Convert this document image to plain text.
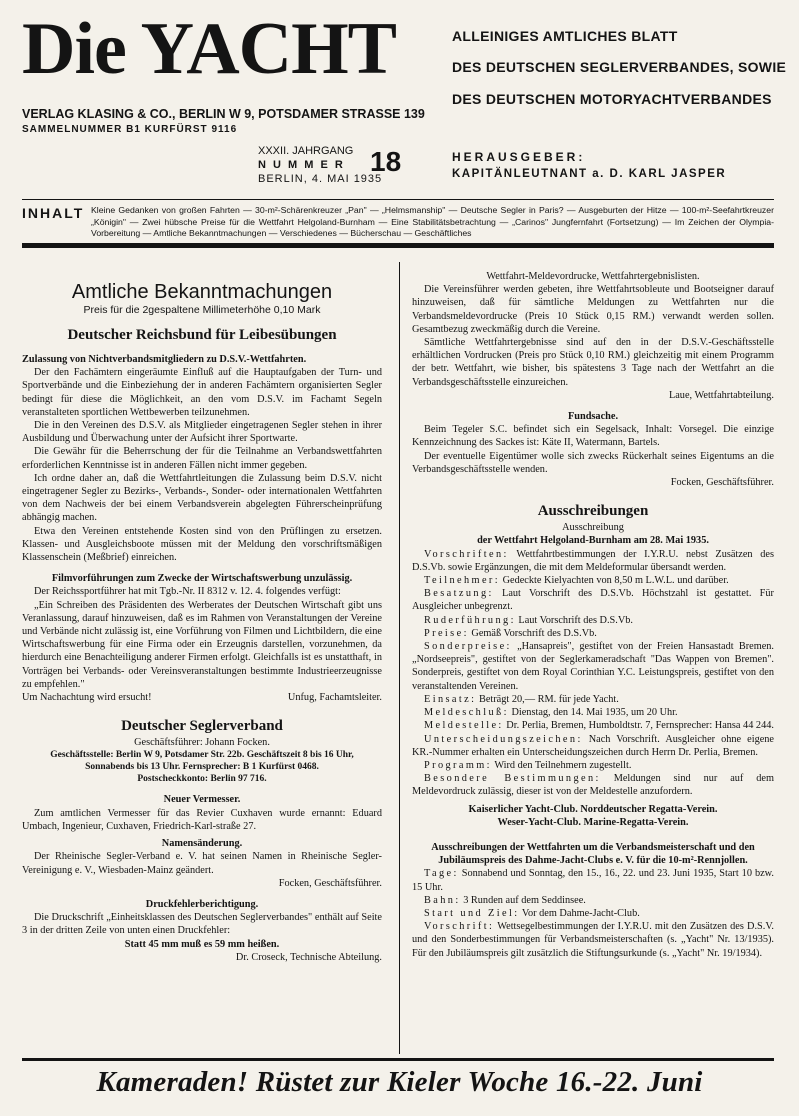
Die YACHT
VERLAG KLASING & CO., BERLIN W 9, POTSDAMER STRASSE 139
SAMMELNUMMER B1 KURFÜRST 9116
ALLEINIGES AMTLICHES BLATT
DES DEUTSCHEN SEGLERVERBANDES, SOWIE
DES DEUTSCHEN MOTORYACHTVERBANDES
XXXII. JAHRGANG
N U M M E R
BERLIN, 4. MAI 1935
18	HERAUSGEBER:
KAPITÄNLEUTNANT a. D. KARL JASPER
INHALT Kleine Gedanken von großen Fahrten — 30-m²-Schärenkreuzer „Pan" — „Helmsmanship" — Deutsche Segler in Paris? — Ausgeburten der Hitze — 100-m²-Seefahrtkreuzer „Königin" — Zwei hübsche Preise für die Wettfahrt Helgoland-Burnham — Eine Stabilitätsbetrachtung — „Carinos" Jungfernfahrt (Fortsetzung) — Im Zeichen der Olympia-Vorbereitung — Amtliche Bekanntmachungen — Verschiedenes — Bücherschau — Geschäftliches
Amtliche Bekanntmachungen
Preis für die 2gespaltene Millimeterhöhe 0,10 Mark
Deutscher Reichsbund für Leibesübungen
Zulassung von Nichtverbandsmitgliedern zu D.S.V.-Wettfahrten.

Der den Fachämtern eingeräumte Einfluß auf die Hauptaufgaben der Turn- und Sportverbände und die Einbeziehung der in anderen Fachämtern organisierten Segler bedingt für diese die Möglichkeit, an den vom D.S.V. im Fachamt Segeln veranstalteten sportlichen Wettbewerben teilzunehmen.

Die in den Vereinen des D.S.V. als Mitglieder eingetragenen Segler stehen in ihrer Ausbildung und Überwachung unter der Aufsicht ihrer Sportwarte.

Die Gewähr für die Beherrschung der für die Teilnahme an Verbandswettfahrten erforderlichen Kenntnisse ist in anderen Fällen nicht immer gegeben.

Ich ordne daher an, daß die Wettfahrtleitungen die Zulassung beim D.S.V. nicht eingetragener Segler zu Bezirks-, Verbands-, Sonder- oder internationalen Wettfahrten von dem Nachweis der bei einem Verbandsverein abgelegten Führerscheinprüfung abhängig machen.

Etwa den Vereinen entstehende Kosten sind von den Prüflingen zu ersetzen. Klassen- und Ausgleichsboote müssen mit der Meldung den vorschriftsmäßigen Klassenschein (Meßbrief) einreichen.

Filmvorführungen zum Zwecke der Wirtschaftswerbung unzulässig.

Der Reichssportführer hat mit Tgb.-Nr. II 8312 v. 12. 4. folgendes verfügt:

„Ein Schreiben des Präsidenten des Werberates der Deutschen Wirtschaft gibt uns Veranlassung, darauf hinzuweisen, daß es im Rahmen von Veranstaltungen der Vereine und Verbände nicht zulässig ist, eine Vorführung von Filmen und Lichtbildern, die eine Wirtschaftswerbung für eine Firma oder ein Erzeugnis darstellen, vorzunehmen, da hierdurch eine Benachteiligung anderer Firmen erfolgt. Gleichfalls ist es unstatthaft, in Vorträgen bei Verbands- oder Vereinsveranstaltungen bestimmte Industrieerzeugnisse zu empfehlen."

Um Nachachtung wird ersucht!	Unfug, Fachamtsleiter.
Deutscher Seglerverband
Geschäftsführer: Johann Focken.
Geschäftsstelle: Berlin W 9, Potsdamer Str. 22b. Geschäftszeit 8 bis 16 Uhr,
Sonnabends bis 13 Uhr. Fernsprecher: B 1 Kurfürst 0468.
Postscheckkonto: Berlin 97 716.
Neuer Vermesser.

Zum amtlichen Vermesser für das Revier Cuxhaven wurde ernannt: Eduard Umbach, Ingenieur, Cuxhaven, Friedrich-Karl-straße 27.

Namensänderung.

Der Rheinische Segler-Verband e. V. hat seinen Namen in Rheinische Segler-Vereinigung e. V., Wiesbaden-Mainz geändert.

Focken, Geschäftsführer.
Druckfehlerberichtigung.

Die Druckschrift „Einheitsklassen des Deutschen Seglerverbandes" enthält auf Seite 3 in der dritten Zeile von unten einen Druckfehler:

Statt 45 mm muß es 59 mm heißen.
Dr. Croseck, Technische Abteilung.
Wettfahrt-Meldevordrucke, Wettfahrtergebnislisten.

Die Vereinsführer werden gebeten, ihre Wettfahrtsobleute und Bootseigner darauf hinzuweisen, daß für sämtliche Meldungen zu Wettfahrten nur die Verbandsmeldevordrucke (Preis 10 Stück 0,15 RM.) verwandt werden sollen. Gesamtbezug zweckmäßig durch die Vereine.

Sämtliche Wettfahrtergebnisse sind auf den in der D.S.V.-Geschäftsstelle erhältlichen Vordrucken (Preis pro Stück 0,10 RM.) gleichzeitig mit einem Programm der betr. Wettfahrt, wie bisher, bis spätestens 3 Tage nach der Wettfahrt an die Verbandsgeschäftsstelle einzureichen.

Laue, Wettfahrtabteilung.
Fundsache.

Beim Tegeler S.C. befindet sich ein Segelsack, Inhalt: Vorsegel. Die einzige Kennzeichnung des Sackes ist: Käte II, Watermann, Bartels.

Der eventuelle Eigentümer wolle sich zwecks Rückerhalt seines Eigentums an die Verbandsgeschäftsstelle wenden.

Focken, Geschäftsführer.
Ausschreibungen
Ausschreibung
der Wettfahrt Helgoland-Burnham am 28. Mai 1935.

Vorschriften: Wettfahrtbestimmungen der I.Y.R.U. nebst Zusätzen des D.S.Vb. sowie Ergänzungen, die mit dem Meldeformular übersandt werden.

Teilnehmer: Gedeckte Kielyachten von 8,50 m L.W.L. und darüber.

Besatzung: Laut Vorschrift des D.S.Vb. Höchstzahl ist gestattet. Für Ausgleicher unbegrenzt.

Ruderführung: Laut Vorschrift des D.S.Vb.

Preise: Gemäß Vorschrift des D.S.Vb.

Sonderpreise: „Hansapreis", gestiftet von der Freien Hansastadt Bremen. „Nordseepreis", gestiftet von der Seglerkameradschaft "Das Wappen von Bremen". Sonderpreis, gestiftet von dem Royal Corinthian Y.C. Leistungspreis, gestiftet von den veranstaltenden Vereinen.

Einsatz: Beträgt 20,— RM. für jede Yacht.

Meldeschluß: Dienstag, den 14. Mai 1935, um 20 Uhr.

Meldestelle: Dr. Perlia, Bremen, Humboldtstr. 7, Fernsprecher: Hansa 44 244.

Unterscheidungszeichen: Nach Vorschrift. Ausgleicher ohne eigene KR.-Nummer erhalten ein Unterscheidungszeichen durch Herrn Dr. Perlia, Bremen.

Programm: Wird den Teilnehmern zugestellt.

Besondere Bestimmungen: Meldungen sind nur auf dem Meldevordruck zulässig, dieser ist von der Meldestelle anzufordern.

Kaiserlicher Yacht-Club. Norddeutscher Regatta-Verein.
Weser-Yacht-Club. Marine-Regatta-Verein.
Ausschreibungen der Wettfahrten um die Verbandsmeisterschaft und den Jubiläumspreis des Dahme-Jacht-Clubs e. V. für die 10-m²-Rennjollen.

Tage: Sonnabend und Sonntag, den 15., 16., 22. und 23. Juni 1935, Start 10 bzw. 15 Uhr.

Bahn: 3 Runden auf dem Seddinsee.

Start und Ziel: Vor dem Dahme-Jacht-Club.

Vorschrift: Wettsegelbestimmungen der I.Y.R.U. mit den Zusätzen des D.S.V. und den Sonderbestimmungen für Verbandsmeisterschaften (s. „Yacht" Nr. 13/1935). Für den Jubiläumspreis gilt zusätzlich die Stiftungsurkunde (s. „Yacht" Nr. 19/1934).

Kameraden! Rüstet zur Kieler Woche 16.-22. Juni
